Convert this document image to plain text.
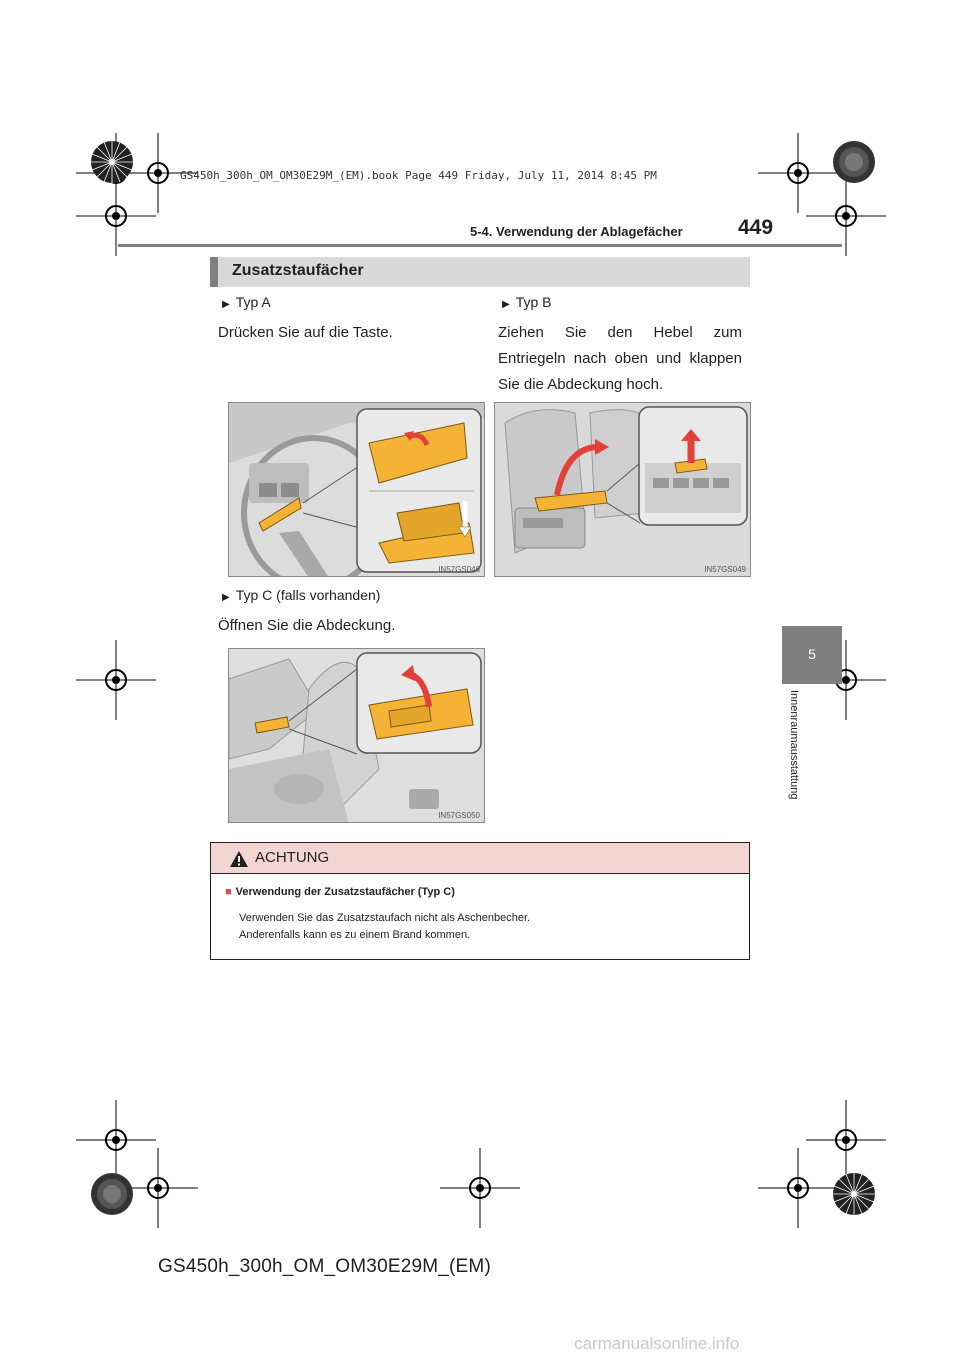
GS450h_300h_OM_OM30E29M_(EM).book Page 449 Friday, July 11, 2014 8:45 PM
5-4. Verwendung der Ablagefächer	449
5
Innenraumausstattung
Zusatzstaufächer
▶ Typ A
Drücken Sie auf die Taste.
▶ Typ B
Ziehen Sie den Hebel zum Entriegeln nach oben und klappen Sie die Abdeckung hoch.
IN57GS046	IN57GS049
▶ Typ C (falls vorhanden)
Öffnen Sie die Abdeckung.
IN57GS050
ACHTUNG
■ Verwendung der Zusatzstaufächer (Typ C)
Verwenden Sie das Zusatzstaufach nicht als Aschenbecher.
Anderenfalls kann es zu einem Brand kommen.
GS450h_300h_OM_OM30E29M_(EM)
carmanualsonline.info
